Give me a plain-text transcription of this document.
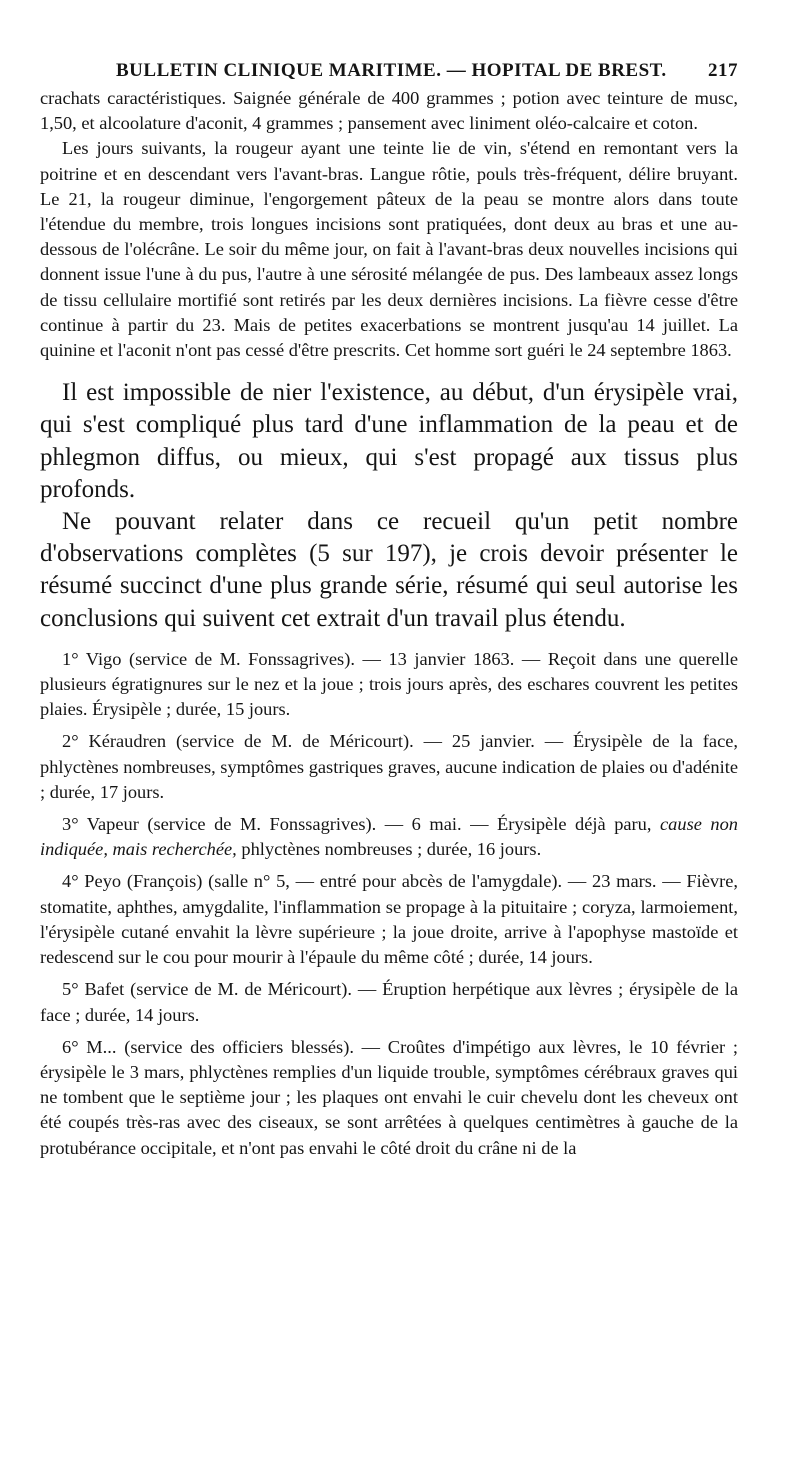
BULLETIN CLINIQUE MARITIME. — HOPITAL DE BREST. 217

crachats caractéristiques. Saignée générale de 400 grammes ; potion avec teinture de musc, 1,50, et alcoolature d'aconit, 4 grammes ; pansement avec liniment oléo-calcaire et coton.

Les jours suivants, la rougeur ayant une teinte lie de vin, s'étend en remontant vers la poitrine et en descendant vers l'avant-bras. Langue rôtie, pouls très-fréquent, délire bruyant. Le 21, la rougeur diminue, l'engorgement pâteux de la peau se montre alors dans toute l'étendue du membre, trois longues incisions sont pratiquées, dont deux au bras et une au-dessous de l'olécrâne. Le soir du même jour, on fait à l'avant-bras deux nouvelles incisions qui donnent issue l'une à du pus, l'autre à une sérosité mélangée de pus. Des lambeaux assez longs de tissu cellulaire mortifié sont retirés par les deux dernières incisions. La fièvre cesse d'être continue à partir du 23. Mais de petites exacerbations se montrent jusqu'au 14 juillet. La quinine et l'aconit n'ont pas cessé d'être prescrits. Cet homme sort guéri le 24 septembre 1863.

Il est impossible de nier l'existence, au début, d'un érysipèle vrai, qui s'est compliqué plus tard d'une inflammation de la peau et de phlegmon diffus, ou mieux, qui s'est propagé aux tissus plus profonds.

Ne pouvant relater dans ce recueil qu'un petit nombre d'observations complètes (5 sur 197), je crois devoir présenter le résumé succinct d'une plus grande série, résumé qui seul autorise les conclusions qui suivent cet extrait d'un travail plus étendu.

1° Vigo (service de M. Fonssagrives). — 13 janvier 1863. — Reçoit dans une querelle plusieurs égratignures sur le nez et la joue ; trois jours après, des eschares couvrent les petites plaies. Érysipèle ; durée, 15 jours.

2° Kéraudren (service de M. de Méricourt). — 25 janvier. — Érysipèle de la face, phlyctènes nombreuses, symptômes gastriques graves, aucune indication de plaies ou d'adénite ; durée, 17 jours.

3° Vapeur (service de M. Fonssagrives). — 6 mai. — Érysipèle déjà paru, cause non indiquée, mais recherchée, phlyctènes nombreuses ; durée, 16 jours.

4° Peyo (François) (salle n° 5, — entré pour abcès de l'amygdale). — 23 mars. — Fièvre, stomatite, aphthes, amygdalite, l'inflammation se propage à la pituitaire ; coryza, larmoiement, l'érysipèle cutané envahit la lèvre supérieure ; la joue droite, arrive à l'apophyse mastoïde et redescend sur le cou pour mourir à l'épaule du même côté ; durée, 14 jours.

5° Bafet (service de M. de Méricourt). — Éruption herpétique aux lèvres ; érysipèle de la face ; durée, 14 jours.

6° M... (service des officiers blessés). — Croûtes d'impétigo aux lèvres, le 10 février ; érysipèle le 3 mars, phlyctènes remplies d'un liquide trouble, symptômes cérébraux graves qui ne tombent que le septième jour ; les plaques ont envahi le cuir chevelu dont les cheveux ont été coupés très-ras avec des ciseaux, se sont arrêtées à quelques centimètres à gauche de la protubérance occipitale, et n'ont pas envahi le côté droit du crâne ni de la
